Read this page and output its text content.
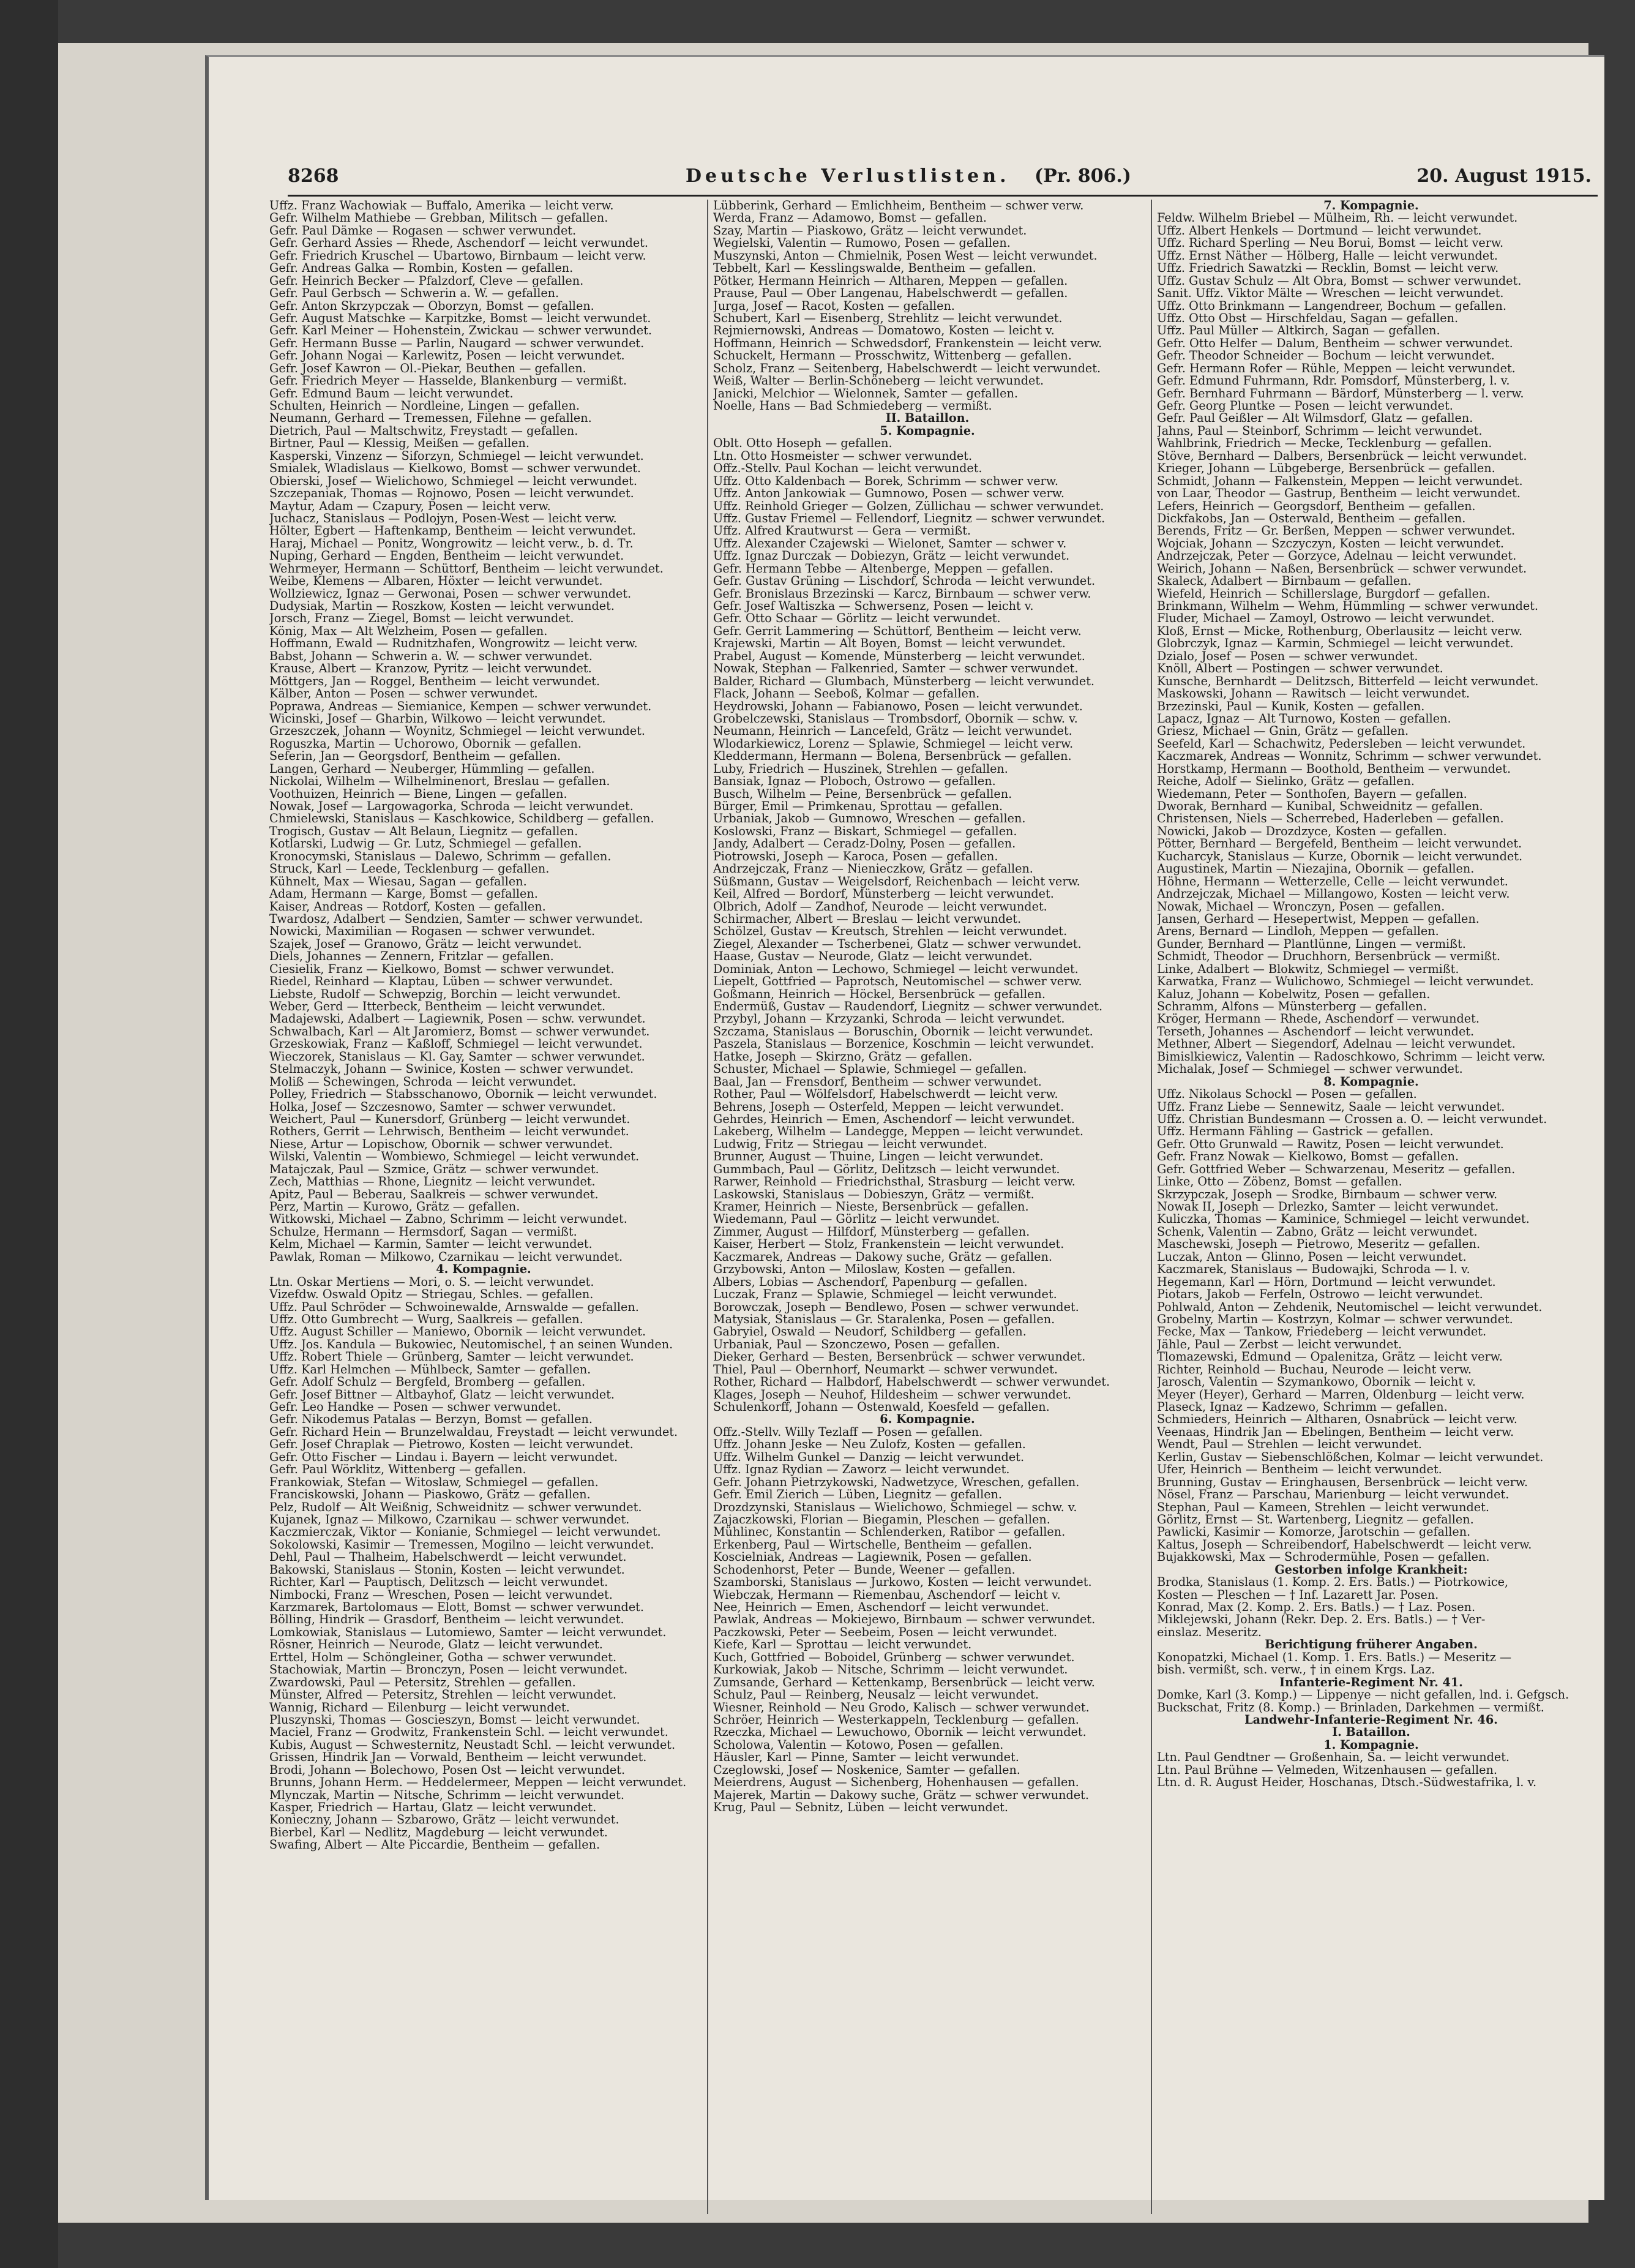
8268	Deutsche Verlustlisten. (Pr. 806.)	20. August 1915.
Uffz. Franz Wachowiak — Buffalo, Amerika — leicht verw.
Gefr. Wilhelm Mathiebe — Grebban, Militsch — gefallen.
Gefr. Paul Dämke — Rogasen — schwer verwundet.
Gefr. Gerhard Assies — Rhede, Aschendorf — leicht verwundet.
Gefr. Friedrich Kruschel — Ubartowo, Birnbaum — leicht verw.
Gefr. Andreas Galka — Rombin, Kosten — gefallen.
Gefr. Heinrich Becker — Pfalzdorf, Cleve — gefallen.
Gefr. Paul Gerbsch — Schwerin a. W. — gefallen.
Gefr. Anton Skrzypczak — Oborzyn, Bomst — gefallen.
Gefr. August Matschke — Karpitzke, Bomst — leicht verwundet.
Gefr. Karl Meiner — Hohenstein, Zwickau — schwer verwundet.
Gefr. Hermann Busse — Parlin, Naugard — schwer verwundet.
Gefr. Johann Nogai — Karlewitz, Posen — leicht verwundet.
Gefr. Josef Kawron — Ol.-Piekar, Beuthen — gefallen.
Gefr. Friedrich Meyer — Hasselde, Blankenburg — vermißt.
Gefr. Edmund Baum — leicht verwundet.
Schulten, Heinrich — Nordleine, Lingen — gefallen.
Neumann, Gerhard — Tremessen, Filehne — gefallen.
Dietrich, Paul — Maltschwitz, Freystadt — gefallen.
Birtner, Paul — Klessig, Meißen — gefallen.
Kasperski, Vinzenz — Siforzyn, Schmiegel — leicht verwundet.
Smialek, Wladislaus — Kielkowo, Bomst — schwer verwundet.
Obierski, Josef — Wielichowo, Schmiegel — leicht verwundet.
Szczepaniak, Thomas — Rojnowo, Posen — leicht verwundet.
Maytur, Adam — Czapury, Posen — leicht verw.
Juchacz, Stanislaus — Podlojyn, Posen-West — leicht verw.
Hölter, Egbert — Haftenkamp, Bentheim — leicht verwundet.
Haraj, Michael — Ponitz, Wongrowitz — leicht verw., b. d. Tr.
Nuping, Gerhard — Engden, Bentheim — leicht verwundet.
Wehrmeyer, Hermann — Schüttorf, Bentheim — leicht verwundet.
Weibe, Klemens — Albaren, Höxter — leicht verwundet.
Wollziewicz, Ignaz — Gerwonai, Posen — schwer verwundet.
Dudysiak, Martin — Roszkow, Kosten — leicht verwundet.
Jorsch, Franz — Ziegel, Bomst — leicht verwundet.
König, Max — Alt Welzheim, Posen — gefallen.
Hoffmann, Ewald — Rudnitzhafen, Wongrowitz — leicht verw.
Babst, Johann — Schwerin a. W. — schwer verwundet.
Krause, Albert — Kranzow, Pyritz — leicht verwundet.
Möttgers, Jan — Roggel, Bentheim — leicht verwundet.
Kälber, Anton — Posen — schwer verwundet.
Poprawa, Andreas — Siemianice, Kempen — schwer verwundet.
Wicinski, Josef — Gharbin, Wilkowo — leicht verwundet.
Grzeszczek, Johann — Woynitz, Schmiegel — leicht verwundet.
Roguszka, Martin — Uchorowo, Obornik — gefallen.
Seferin, Jan — Georgsdorf, Bentheim — gefallen.
Langen, Gerhard — Neuberger, Hümmling — gefallen.
Nickolai, Wilhelm — Wilhelminenort, Breslau — gefallen.
Voothuizen, Heinrich — Biene, Lingen — gefallen.
Nowak, Josef — Largowagorka, Schroda — leicht verwundet.
Chmielewski, Stanislaus — Kaschkowice, Schildberg — gefallen.
Trogisch, Gustav — Alt Belaun, Liegnitz — gefallen.
Kotlarski, Ludwig — Gr. Lutz, Schmiegel — gefallen.
Kronocymski, Stanislaus — Dalewo, Schrimm — gefallen.
Struck, Karl — Leede, Tecklenburg — gefallen.
Kühnelt, Max — Wiesau, Sagan — gefallen.
Adam, Hermann — Karge, Bomst — gefallen.
Kaiser, Andreas — Rotdorf, Kosten — gefallen.
Twardosz, Adalbert — Sendzien, Samter — schwer verwundet.
Nowicki, Maximilian — Rogasen — schwer verwundet.
Szajek, Josef — Granowo, Grätz — leicht verwundet.
Diels, Johannes — Zennern, Fritzlar — gefallen.
Ciesielik, Franz — Kielkowo, Bomst — schwer verwundet.
Riedel, Reinhard — Klaptau, Lüben — schwer verwundet.
Liebste, Rudolf — Schwepzig, Borchin — leicht verwundet.
Weber, Gerd — Itterbeck, Bentheim — leicht verwundet.
Madajewski, Adalbert — Lagiewnik, Posen — schw. verwundet.
Schwalbach, Karl — Alt Jaromierz, Bomst — schwer verwundet.
Grzeskowiak, Franz — Kaßloff, Schmiegel — leicht verwundet.
Wieczorek, Stanislaus — Kl. Gay, Samter — schwer verwundet.
Stelmaczyk, Johann — Swinice, Kosten — schwer verwundet.
Moliß — Schewingen, Schroda — leicht verwundet.
Polley, Friedrich — Stabsschanowo, Obornik — leicht verwundet.
Holka, Josef — Szczesnowo, Samter — schwer verwundet.
Weichert, Paul — Kunersdorf, Grünberg — leicht verwundet.
Rothers, Gerrit — Lehrwisch, Bentheim — leicht verwundet.
Niese, Artur — Lopischow, Obornik — schwer verwundet.
Wilski, Valentin — Wombiewo, Schmiegel — leicht verwundet.
Matajczak, Paul — Szmice, Grätz — schwer verwundet.
Zech, Matthias — Rhone, Liegnitz — leicht verwundet.
Apitz, Paul — Beberau, Saalkreis — schwer verwundet.
Perz, Martin — Kurowo, Grätz — gefallen.
Witkowski, Michael — Zabno, Schrimm — leicht verwundet.
Schulze, Hermann — Hermsdorf, Sagan — vermißt.
Kelm, Michael — Karmin, Samter — leicht verwundet.
Pawlak, Roman — Milkowo, Czarnikau — leicht verwundet.
4. Kompagnie.
Ltn. Oskar Mertiens — Mori, o. S. — leicht verwundet.
Vizefdw. Oswald Opitz — Striegau, Schles. — gefallen.
Uffz. Paul Schröder — Schwoinewalde, Arnswalde — gefallen.
Uffz. Otto Gumbrecht — Wurg, Saalkreis — gefallen.
Uffz. August Schiller — Maniewo, Obornik — leicht verwundet.
Uffz. Jos. Kandula — Bukowiec, Neutomischel, † an seinen Wunden.
Uffz. Robert Thiele — Grünberg, Samter — leicht verwundet.
Uffz. Karl Helmchen — Mühlbeck, Samter — gefallen.
Gefr. Adolf Schulz — Bergfeld, Bromberg — gefallen.
Gefr. Josef Bittner — Altbayhof, Glatz — leicht verwundet.
Gefr. Leo Handke — Posen — schwer verwundet.
Gefr. Nikodemus Patalas — Berzyn, Bomst — gefallen.
Gefr. Richard Hein — Brunzelwaldau, Freystadt — leicht verwundet.
Gefr. Josef Chraplak — Pietrowo, Kosten — leicht verwundet.
Gefr. Otto Fischer — Lindau i. Bayern — leicht verwundet.
Gefr. Paul Wörklitz, Wittenberg — gefallen.
Frankowiak, Stefan — Witoslaw, Schmiegel — gefallen.
Franciskowski, Johann — Piaskowo, Grätz — gefallen.
Pelz, Rudolf — Alt Weißnig, Schweidnitz — schwer verwundet.
Kujanek, Ignaz — Milkowo, Czarnikau — schwer verwundet.
Kaczmierczak, Viktor — Konianie, Schmiegel — leicht verwundet.
Sokolowski, Kasimir — Tremessen, Mogilno — leicht verwundet.
Dehl, Paul — Thalheim, Habelschwerdt — leicht verwundet.
Bakowski, Stanislaus — Stonin, Kosten — leicht verwundet.
Richter, Karl — Pauptisch, Delitzsch — leicht verwundet.
Nimbocki, Franz — Wreschen, Posen — leicht verwundet.
Karzmarek, Bartolomaus — Elott, Bomst — schwer verwundet.
Bölling, Hindrik — Grasdorf, Bentheim — leicht verwundet.
Lomkowiak, Stanislaus — Lutomiewo, Samter — leicht verwundet.
Rösner, Heinrich — Neurode, Glatz — leicht verwundet.
Erttel, Holm — Schöngleiner, Gotha — schwer verwundet.
Stachowiak, Martin — Bronczyn, Posen — leicht verwundet.
Zwardowski, Paul — Petersitz, Strehlen — gefallen.
Münster, Alfred — Petersitz, Strehlen — leicht verwundet.
Wannig, Richard — Eilenburg — leicht verwundet.
Pluszynski, Thomas — Goscieszyn, Bomst — leicht verwundet.
Maciel, Franz — Grodwitz, Frankenstein Schl. — leicht verwundet.
Kubis, August — Schwesternitz, Neustadt Schl. — leicht verwundet.
Grissen, Hindrik Jan — Vorwald, Bentheim — leicht verwundet.
Brodi, Johann — Bolechowo, Posen Ost — leicht verwundet.
Brunns, Johann Herm. — Heddelermeer, Meppen — leicht verwundet.
Mlynczak, Martin — Nitsche, Schrimm — leicht verwundet.
Kasper, Friedrich — Hartau, Glatz — leicht verwundet.
Konieczny, Johann — Szbarowo, Grätz — leicht verwundet.
Bierbel, Karl — Nedlitz, Magdeburg — leicht verwundet.
Swafing, Albert — Alte Piccardie, Bentheim — gefallen.
Lübberink, Gerhard — Emlichheim, Bentheim — schwer verw.
Werda, Franz — Adamowo, Bomst — gefallen.
Szay, Martin — Piaskowo, Grätz — leicht verwundet.
Wegielski, Valentin — Rumowo, Posen — gefallen.
Muszynski, Anton — Chmielnik, Posen West — leicht verwundet.
Tebbelt, Karl — Kesslingswalde, Bentheim — gefallen.
Pötker, Hermann Heinrich — Altharen, Meppen — gefallen.
Prause, Paul — Ober Langenau, Habelschwerdt — gefallen.
Jurga, Josef — Racot, Kosten — gefallen.
Schubert, Karl — Eisenberg, Strehlitz — leicht verwundet.
Rejmiernowski, Andreas — Domatowo, Kosten — leicht v.
Hoffmann, Heinrich — Schwedsdorf, Frankenstein — leicht verw.
Schuckelt, Hermann — Prosschwitz, Wittenberg — gefallen.
Scholz, Franz — Seitenberg, Habelschwerdt — leicht verwundet.
Weiß, Walter — Berlin-Schöneberg — leicht verwundet.
Janicki, Melchior — Wielonnek, Samter — gefallen.
Noelle, Hans — Bad Schmiedeberg — vermißt.
II. Bataillon.
5. Kompagnie.
Oblt. Otto Hoseph — gefallen.
Ltn. Otto Hosmeister — schwer verwundet.
Offz.-Stellv. Paul Kochan — leicht verwundet.
Uffz. Otto Kaldenbach — Borek, Schrimm — schwer verw.
Uffz. Anton Jankowiak — Gumnowo, Posen — schwer verw.
Uffz. Reinhold Grieger — Golzen, Züllichau — schwer verwundet.
Uffz. Gustav Friemel — Fellendorf, Liegnitz — schwer verwundet.
Uffz. Alfred Krautwurst — Gera — vermißt.
Uffz. Alexander Czajewski — Wielonet, Samter — schwer v.
Uffz. Ignaz Durczak — Dobiezyn, Grätz — leicht verwundet.
Gefr. Hermann Tebbe — Altenberge, Meppen — gefallen.
Gefr. Gustav Grüning — Lischdorf, Schroda — leicht verwundet.
Gefr. Bronislaus Brzezinski — Karcz, Birnbaum — schwer verw.
Gefr. Josef Waltiszka — Schwersenz, Posen — leicht v.
Gefr. Otto Schaar — Görlitz — leicht verwundet.
Gefr. Gerrit Lammering — Schüttorf, Bentheim — leicht verw.
Krajewski, Martin — Alt Boyen, Bomst — leicht verwundet.
Prabel, August — Komende, Münsterberg — leicht verwundet.
Nowak, Stephan — Falkenried, Samter — schwer verwundet.
Balder, Richard — Glumbach, Münsterberg — leicht verwundet.
Flack, Johann — Seeboß, Kolmar — gefallen.
Heydrowski, Johann — Fabianowo, Posen — leicht verwundet.
Grobelczewski, Stanislaus — Trombsdorf, Obornik — schw. v.
Neumann, Heinrich — Lancefeld, Grätz — leicht verwundet.
Wlodarkiewicz, Lorenz — Splawie, Schmiegel — leicht verw.
Kleddermann, Hermann — Bolena, Bersenbrück — gefallen.
Luby, Friedrich — Huszinek, Strehlen — gefallen.
Bansiak, Ignaz — Ploboch, Ostrowo — gefallen.
Busch, Wilhelm — Peine, Bersenbrück — gefallen.
Bürger, Emil — Primkenau, Sprottau — gefallen.
Urbaniak, Jakob — Gumnowo, Wreschen — gefallen.
Koslowski, Franz — Biskart, Schmiegel — gefallen.
Jandy, Adalbert — Ceradz-Dolny, Posen — gefallen.
Piotrowski, Joseph — Karoca, Posen — gefallen.
Andrzejczak, Franz — Nienieczkow, Grätz — gefallen.
Süßmann, Gustav — Weigelsdorf, Reichenbach — leicht verw.
Keil, Alfred — Bordorf, Münsterberg — leicht verwundet.
Olbrich, Adolf — Zandhof, Neurode — leicht verwundet.
Schirmacher, Albert — Breslau — leicht verwundet.
Schölzel, Gustav — Kreutsch, Strehlen — leicht verwundet.
Ziegel, Alexander — Tscherbenei, Glatz — schwer verwundet.
Haase, Gustav — Neurode, Glatz — leicht verwundet.
Dominiak, Anton — Lechowo, Schmiegel — leicht verwundet.
Liepelt, Gottfried — Paprotsch, Neutomischel — schwer verw.
Goßmann, Heinrich — Höckel, Bersenbrück — gefallen.
Endermüß, Gustav — Raudendorf, Liegnitz — schwer verwundet.
Przybyl, Johann — Krzyzanki, Schroda — leicht verwundet.
Szczama, Stanislaus — Boruschin, Obornik — leicht verwundet.
Paszela, Stanislaus — Borzenice, Koschmin — leicht verwundet.
Hatke, Joseph — Skirzno, Grätz — gefallen.
Schuster, Michael — Splawie, Schmiegel — gefallen.
Baal, Jan — Frensdorf, Bentheim — schwer verwundet.
Rother, Paul — Wölfelsdorf, Habelschwerdt — leicht verw.
Behrens, Joseph — Osterfeld, Meppen — leicht verwundet.
Gehrdes, Heinrich — Emen, Aschendorf — leicht verwundet.
Lakeberg, Wilhelm — Landegge, Meppen — leicht verwundet.
Ludwig, Fritz — Striegau — leicht verwundet.
Brunner, August — Thuine, Lingen — leicht verwundet.
Gummbach, Paul — Görlitz, Delitzsch — leicht verwundet.
Rarwer, Reinhold — Friedrichsthal, Strasburg — leicht verw.
Laskowski, Stanislaus — Dobieszyn, Grätz — vermißt.
Kramer, Heinrich — Nieste, Bersenbrück — gefallen.
Wiedemann, Paul — Görlitz — leicht verwundet.
Zimmer, August — Hilfdorf, Münsterberg — gefallen.
Kaiser, Herbert — Stolz, Frankenstein — leicht verwundet.
Kaczmarek, Andreas — Dakowy suche, Grätz — gefallen.
Grzybowski, Anton — Miloslaw, Kosten — gefallen.
Albers, Lobias — Aschendorf, Papenburg — gefallen.
Luczak, Franz — Splawie, Schmiegel — leicht verwundet.
Borowczak, Joseph — Bendlewo, Posen — schwer verwundet.
Matysiak, Stanislaus — Gr. Staralenka, Posen — gefallen.
Gabryiel, Oswald — Neudorf, Schildberg — gefallen.
Urbaniak, Paul — Szonczewo, Posen — gefallen.
Dieker, Gerhard — Besten, Bersenbrück — schwer verwundet.
Thiel, Paul — Obernhorf, Neumarkt — schwer verwundet.
Rother, Richard — Halbdorf, Habelschwerdt — schwer verwundet.
Klages, Joseph — Neuhof, Hildesheim — schwer verwundet.
Schulenkorff, Johann — Ostenwald, Koesfeld — gefallen.
6. Kompagnie.
Offz.-Stellv. Willy Tezlaff — Posen — gefallen.
Uffz. Johann Jeske — Neu Zulofz, Kosten — gefallen.
Uffz. Wilhelm Gunkel — Danzig — leicht verwundet.
Uffz. Ignaz Rydian — Zaworz — leicht verwundet.
Gefr. Johann Pietrzykowski, Nadwetzyce, Wreschen, gefallen.
Gefr. Emil Zierich — Lüben, Liegnitz — gefallen.
Drozdzynski, Stanislaus — Wielichowo, Schmiegel — schw. v.
Zajaczkowski, Florian — Biegamin, Pleschen — gefallen.
Mühlinec, Konstantin — Schlenderken, Ratibor — gefallen.
Erkenberg, Paul — Wirtschelle, Bentheim — gefallen.
Koscielniak, Andreas — Lagiewnik, Posen — gefallen.
Schodenhorst, Peter — Bunde, Weener — gefallen.
Szamborski, Stanislaus — Jurkowo, Kosten — leicht verwundet.
Wiebczak, Hermann — Riemenbau, Aschendorf — leicht v.
Nee, Heinrich — Emen, Aschendorf — leicht verwundet.
Pawlak, Andreas — Mokiejewo, Birnbaum — schwer verwundet.
Paczkowski, Peter — Seebeim, Posen — leicht verwundet.
Kiefe, Karl — Sprottau — leicht verwundet.
Kuch, Gottfried — Boboidel, Grünberg — schwer verwundet.
Kurkowiak, Jakob — Nitsche, Schrimm — leicht verwundet.
Zumsande, Gerhard — Kettenkamp, Bersenbrück — leicht verw.
Schulz, Paul — Reinberg, Neusalz — leicht verwundet.
Wiesner, Reinhold — Neu Grodo, Kalisch — schwer verwundet.
Schröer, Heinrich — Westerkappeln, Tecklenburg — gefallen.
Rzeczka, Michael — Lewuchowo, Obornik — leicht verwundet.
Scholowa, Valentin — Kotowo, Posen — gefallen.
Häusler, Karl — Pinne, Samter — leicht verwundet.
Czeglowski, Josef — Noskenice, Samter — gefallen.
Meierdrens, August — Sichenberg, Hohenhausen — gefallen.
Majerek, Martin — Dakowy suche, Grätz — schwer verwundet.
Krug, Paul — Sebnitz, Lüben — leicht verwundet.
7. Kompagnie.
Feldw. Wilhelm Briebel — Mülheim, Rh. — leicht verwundet.
Uffz. Albert Henkels — Dortmund — leicht verwundet.
Uffz. Richard Sperling — Neu Borui, Bomst — leicht verw.
Uffz. Ernst Näther — Hölberg, Halle — leicht verwundet.
Uffz. Friedrich Sawatzki — Recklin, Bomst — leicht verw.
Uffz. Gustav Schulz — Alt Obra, Bomst — schwer verwundet.
Sanit. Uffz. Viktor Mälte — Wreschen — leicht verwundet.
Uffz. Otto Brinkmann — Langendreer, Bochum — gefallen.
Uffz. Otto Obst — Hirschfeldau, Sagan — gefallen.
Uffz. Paul Müller — Altkirch, Sagan — gefallen.
Gefr. Otto Helfer — Dalum, Bentheim — schwer verwundet.
Gefr. Theodor Schneider — Bochum — leicht verwundet.
Gefr. Hermann Rofer — Rühle, Meppen — leicht verwundet.
Gefr. Edmund Fuhrmann, Rdr. Pomsdorf, Münsterberg, l. v.
Gefr. Bernhard Fuhrmann — Bärdorf, Münsterberg — l. verw.
Gefr. Georg Pluntke — Posen — leicht verwundet.
Gefr. Paul Geißler — Alt Wilmsdorf, Glatz — gefallen.
Jahns, Paul — Steinborf, Schrimm — leicht verwundet.
Wahlbrink, Friedrich — Mecke, Tecklenburg — gefallen.
Stöve, Bernhard — Dalbers, Bersenbrück — leicht verwundet.
Krieger, Johann — Lübgeberge, Bersenbrück — gefallen.
Schmidt, Johann — Falkenstein, Meppen — leicht verwundet.
von Laar, Theodor — Gastrup, Bentheim — leicht verwundet.
Lefers, Heinrich — Georgsdorf, Bentheim — gefallen.
Dickfakobs, Jan — Osterwald, Bentheim — gefallen.
Berends, Fritz — Gr. Berßen, Meppen — schwer verwundet.
Wojciak, Johann — Szczyczyn, Kosten — leicht verwundet.
Andrzejczak, Peter — Gorzyce, Adelnau — leicht verwundet.
Weirich, Johann — Naßen, Bersenbrück — schwer verwundet.
Skaleck, Adalbert — Birnbaum — gefallen.
Wiefeld, Heinrich — Schillerslage, Burgdorf — gefallen.
Brinkmann, Wilhelm — Wehm, Hümmling — schwer verwundet.
Fluder, Michael — Zamoyl, Ostrowo — leicht verwundet.
Kloß, Ernst — Micke, Rothenburg, Oberlausitz — leicht verw.
Globrczyk, Ignaz — Karmin, Schmiegel — leicht verwundet.
Dzialo, Josef — Posen — schwer verwundet.
Knöll, Albert — Postingen — schwer verwundet.
Kunsche, Bernhardt — Delitzsch, Bitterfeld — leicht verwundet.
Maskowski, Johann — Rawitsch — leicht verwundet.
Brzezinski, Paul — Kunik, Kosten — gefallen.
Lapacz, Ignaz — Alt Turnowo, Kosten — gefallen.
Griesz, Michael — Gnin, Grätz — gefallen.
Seefeld, Karl — Schachwitz, Pedersleben — leicht verwundet.
Kaczmarek, Andreas — Wonnitz, Schrimm — schwer verwundet.
Horstkamp, Hermann — Boothold, Bentheim — verwundet.
Reiche, Adolf — Sielinko, Grätz — gefallen.
Wiedemann, Peter — Sonthofen, Bayern — gefallen.
Dworak, Bernhard — Kunibal, Schweidnitz — gefallen.
Christensen, Niels — Scherrebed, Haderleben — gefallen.
Nowicki, Jakob — Drozdzyce, Kosten — gefallen.
Pötter, Bernhard — Bergefeld, Bentheim — leicht verwundet.
Kucharcyk, Stanislaus — Kurze, Obornik — leicht verwundet.
Augustinek, Martin — Niezajina, Obornik — gefallen.
Höhne, Hermann — Wetterzelle, Celle — leicht verwundet.
Andrzejczak, Michael — Millangowo, Kosten — leicht verw.
Nowak, Michael — Wronczyn, Posen — gefallen.
Jansen, Gerhard — Hesepertwist, Meppen — gefallen.
Arens, Bernard — Lindloh, Meppen — gefallen.
Gunder, Bernhard — Plantlünne, Lingen — vermißt.
Schmidt, Theodor — Druchhorn, Bersenbrück — vermißt.
Linke, Adalbert — Blokwitz, Schmiegel — vermißt.
Karwatka, Franz — Wulichowo, Schmiegel — leicht verwundet.
Kaluz, Johann — Kobelwitz, Posen — gefallen.
Schramm, Alfons — Münsterberg — gefallen.
Kröger, Hermann — Rhede, Aschendorf — verwundet.
Terseth, Johannes — Aschendorf — leicht verwundet.
Methner, Albert — Siegendorf, Adelnau — leicht verwundet.
Bimislkiewicz, Valentin — Radoschkowo, Schrimm — leicht verw.
Michalak, Josef — Schmiegel — schwer verwundet.
8. Kompagnie.
Uffz. Nikolaus Schockl — Posen — gefallen.
Uffz. Franz Liebe — Sennewitz, Saale — leicht verwundet.
Uffz. Christian Bundesmann — Crossen a. O. — leicht verwundet.
Uffz. Hermann Fähling — Gastrick — gefallen.
Gefr. Otto Grunwald — Rawitz, Posen — leicht verwundet.
Gefr. Franz Nowak — Kielkowo, Bomst — gefallen.
Gefr. Gottfried Weber — Schwarzenau, Meseritz — gefallen.
Linke, Otto — Zöbenz, Bomst — gefallen.
Skrzypczak, Joseph — Srodke, Birnbaum — schwer verw.
Nowak II, Joseph — Drlezko, Samter — leicht verwundet.
Kuliczka, Thomas — Kaminice, Schmiegel — leicht verwundet.
Schenk, Valentin — Zabno, Grätz — leicht verwundet.
Maschewski, Joseph — Pietrowo, Meseritz — gefallen.
Luczak, Anton — Glinno, Posen — leicht verwundet.
Kaczmarek, Stanislaus — Budowajki, Schroda — l. v.
Hegemann, Karl — Hörn, Dortmund — leicht verwundet.
Piotars, Jakob — Ferfeln, Ostrowo — leicht verwundet.
Pohlwald, Anton — Zehdenik, Neutomischel — leicht verwundet.
Grobelny, Martin — Kostrzyn, Kolmar — schwer verwundet.
Fecke, Max — Tankow, Friedeberg — leicht verwundet.
Jähle, Paul — Zerbst — leicht verwundet.
Tlomazewski, Edmund — Opalenitza, Grätz — leicht verw.
Richter, Reinhold — Buchau, Neurode — leicht verw.
Jarosch, Valentin — Szymankowo, Obornik — leicht v.
Meyer (Heyer), Gerhard — Marren, Oldenburg — leicht verw.
Plaseck, Ignaz — Kadzewo, Schrimm — gefallen.
Schmieders, Heinrich — Altharen, Osnabrück — leicht verw.
Veenaas, Hindrik Jan — Ebelingen, Bentheim — leicht verw.
Wendt, Paul — Strehlen — leicht verwundet.
Kerlin, Gustav — Siebenschlößchen, Kolmar — leicht verwundet.
Ufer, Heinrich — Bentheim — leicht verwundet.
Brunning, Gustav — Eringhausen, Bersenbrück — leicht verw.
Nösel, Franz — Parschau, Marienburg — leicht verwundet.
Stephan, Paul — Kameen, Strehlen — leicht verwundet.
Görlitz, Ernst — St. Wartenberg, Liegnitz — gefallen.
Pawlicki, Kasimir — Komorze, Jarotschin — gefallen.
Kaltus, Joseph — Schreibendorf, Habelschwerdt — leicht verw.
Bujakkowski, Max — Schrodermühle, Posen — gefallen.
Gestorben infolge Krankheit:
Brodka, Stanislaus (1. Komp. 2. Ers. Batls.) — Piotrkowice,
Kosten — Pleschen — † Inf. Lazarett Jar. Posen.
Konrad, Max (2. Komp. 2. Ers. Batls.) — † Laz. Posen.
Miklejewski, Johann (Rekr. Dep. 2. Ers. Batls.) — † Ver-
einslaz. Meseritz.
Berichtigung früherer Angaben.
Konopatzki, Michael (1. Komp. 1. Ers. Batls.) — Meseritz —
bish. vermißt, sch. verw., † in einem Krgs. Laz.
Infanterie-Regiment Nr. 41.
Domke, Karl (3. Komp.) — Lippenye — nicht gefallen, lnd. i. Gefgsch.
Buckschat, Fritz (8. Komp.) — Brinladen, Darkehmen — vermißt.
Landwehr-Infanterie-Regiment Nr. 46.
I. Bataillon.
1. Kompagnie.
Ltn. Paul Gendtner — Großenhain, Sa. — leicht verwundet.
Ltn. Paul Brühne — Velmeden, Witzenhausen — gefallen.
Ltn. d. R. August Heider, Hoschanas, Dtsch.-Südwestafrika, l. v.
